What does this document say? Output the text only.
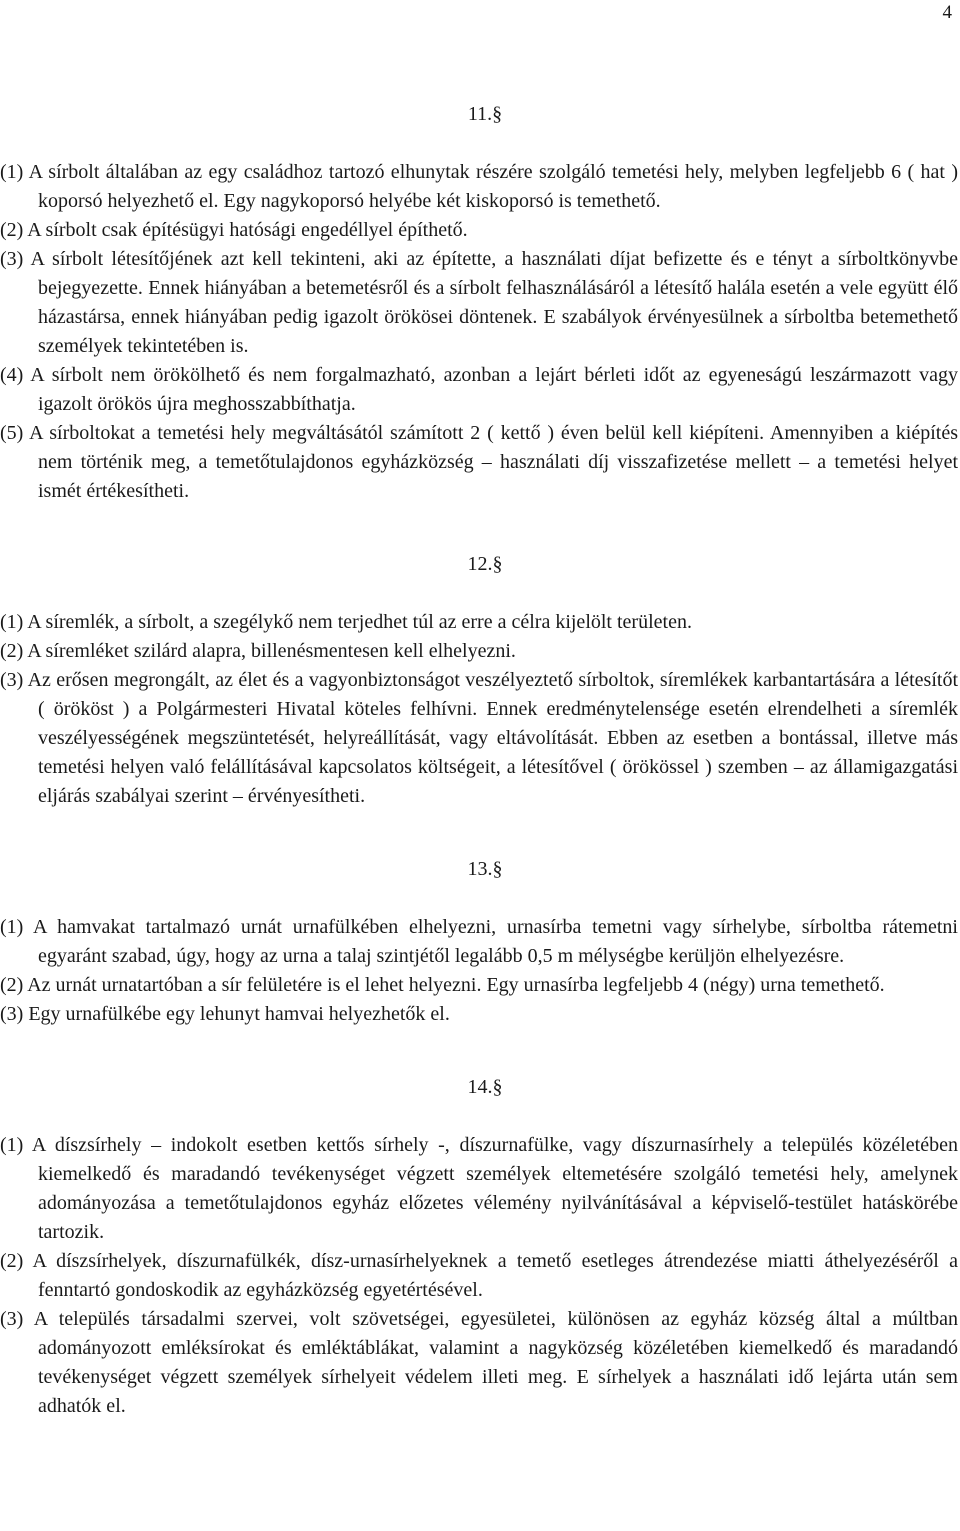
4

11.§

(1) A sírbolt általában az egy családhoz tartozó elhunytak részére szolgáló temetési hely, melyben legfeljebb 6 ( hat ) koporsó helyezhető el. Egy nagykoporsó helyébe két kiskoporsó is temethető.

(2) A sírbolt csak építésügyi hatósági engedéllyel építhető.

(3) A sírbolt létesítőjének azt kell tekinteni, aki az építette, a használati díjat befizette és e tényt a sírboltkönyvbe bejegyezette. Ennek hiányában a betemetésről és a sírbolt felhasználásáról a létesítő halála esetén a vele együtt élő házastársa, ennek hiányában pedig igazolt örökösei döntenek. E szabályok érvényesülnek a sírboltba betemethető személyek tekintetében is.

(4) A sírbolt nem örökölhető és nem forgalmazható, azonban a lejárt bérleti időt az egyeneságú leszármazott vagy igazolt örökös újra meghosszabbíthatja.

(5) A sírboltokat a temetési hely megváltásától számított 2 ( kettő ) éven belül kell kiépíteni. Amennyiben a kiépítés nem történik meg, a temetőtulajdonos egyházközség – használati díj visszafizetése mellett – a temetési helyet ismét értékesítheti.

12.§

(1) A síremlék, a sírbolt, a szegélykő nem terjedhet túl az erre a célra kijelölt területen.

(2) A síremléket szilárd alapra, billenésmentesen kell elhelyezni.

(3) Az erősen megrongált, az élet és a vagyonbiztonságot veszélyeztető sírboltok, síremlékek karbantartására a létesítőt ( örököst ) a Polgármesteri Hivatal köteles felhívni. Ennek eredménytelensége esetén elrendelheti a síremlék veszélyességének megszüntetését, helyreállítását, vagy eltávolítását. Ebben az esetben a bontással, illetve más temetési helyen való felállításával kapcsolatos költségeit, a létesítővel ( örökössel ) szemben – az államigazgatási eljárás szabályai szerint – érvényesítheti.

13.§

(1) A hamvakat tartalmazó urnát urnafülkében elhelyezni, urnasírba temetni vagy sírhelybe, sírboltba rátemetni egyaránt szabad, úgy, hogy az urna a talaj szintjétől legalább 0,5 m mélységbe kerüljön elhelyezésre.

(2) Az urnát urnatartóban a sír felületére is el lehet helyezni. Egy urnasírba legfeljebb 4 (négy) urna temethető.

(3) Egy urnafülkébe egy lehunyt hamvai helyezhetők el.

14.§

(1) A díszsírhely – indokolt esetben kettős sírhely -, díszurnafülke, vagy díszurnasírhely a település közéletében kiemelkedő és maradandó tevékenységet végzett személyek eltemetésére szolgáló temetési hely, amelynek adományozása a temetőtulajdonos egyház előzetes vélemény nyilvánításával a képviselő-testület hatáskörébe tartozik.

(2) A díszsírhelyek, díszurnafülkék, dísz-urnasírhelyeknek a temető esetleges átrendezése miatti áthelyezéséről a fenntartó gondoskodik az egyházközség egyetértésével.

(3) A település társadalmi szervei, volt szövetségei, egyesületei, különösen az egyház község által a múltban adományozott emléksírokat és emléktáblákat, valamint a nagyközség közéletében kiemelkedő és maradandó tevékenységet végzett személyek sírhelyeit védelem illeti meg. E sírhelyek a használati idő lejárta után sem adhatók el.
